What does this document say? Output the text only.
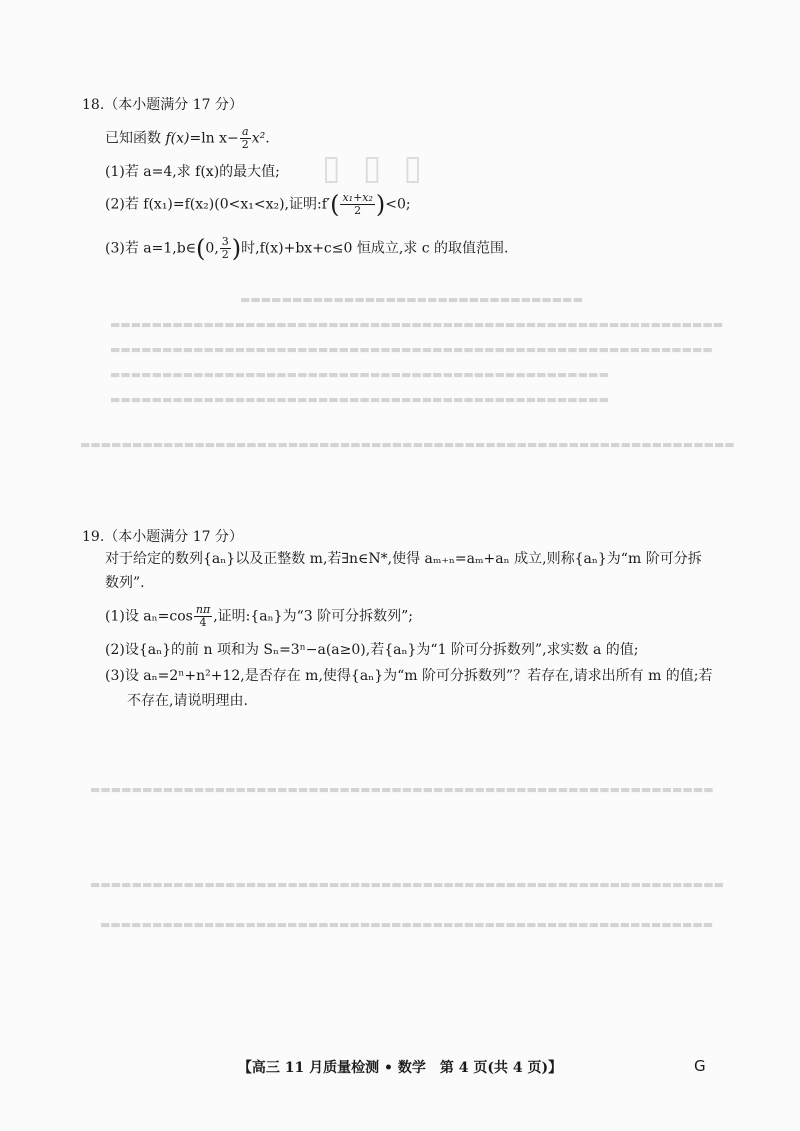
▯▯▯
▬▬▬▬▬▬▬▬▬▬▬▬▬▬▬▬▬▬▬▬▬▬▬▬▬▬▬▬▬▬▬▬▬
▬▬▬▬▬▬▬▬▬▬▬▬▬▬▬▬▬▬▬▬▬▬▬▬▬▬▬▬▬▬▬▬▬▬▬▬▬▬▬▬▬▬▬▬▬▬▬▬▬▬▬▬▬▬▬▬▬▬▬
▬▬▬▬▬▬▬▬▬▬▬▬▬▬▬▬▬▬▬▬▬▬▬▬▬▬▬▬▬▬▬▬▬▬▬▬▬▬▬▬▬▬▬▬▬▬▬▬▬▬▬▬▬▬▬▬▬▬
▬▬▬▬▬▬▬▬▬▬▬▬▬▬▬▬▬▬▬▬▬▬▬▬▬▬▬▬▬▬▬▬▬▬▬▬▬▬▬▬▬▬▬▬▬▬▬▬
▬▬▬▬▬▬▬▬▬▬▬▬▬▬▬▬▬▬▬▬▬▬▬▬▬▬▬▬▬▬▬▬▬▬▬▬▬▬▬▬▬▬▬▬▬▬▬▬
▬▬▬▬▬▬▬▬▬▬▬▬▬▬▬▬▬▬▬▬▬▬▬▬▬▬▬▬▬▬▬▬▬▬▬▬▬▬▬▬▬▬▬▬▬▬▬▬▬▬▬▬▬▬▬▬▬▬▬▬▬▬▬
▬▬▬▬▬▬▬▬▬▬▬▬▬▬▬▬▬▬▬▬▬▬▬▬▬▬▬▬▬▬▬▬▬▬▬▬▬▬▬▬▬▬▬▬▬▬▬▬▬▬▬▬▬▬▬▬▬▬▬▬
▬▬▬▬▬▬▬▬▬▬▬▬▬▬▬▬▬▬▬▬▬▬▬▬▬▬▬▬▬▬▬▬▬▬▬▬▬▬▬▬▬▬▬▬▬▬▬▬▬▬▬▬▬▬▬▬▬▬▬▬▬
▬▬▬▬▬▬▬▬▬▬▬▬▬▬▬▬▬▬▬▬▬▬▬▬▬▬▬▬▬▬▬▬▬▬▬▬▬▬▬▬▬▬▬▬▬▬▬▬▬▬▬▬▬▬▬▬▬▬▬
18.（本小题满分 17 分）
已知函数 f(x)=ln $x- \frac{a}{2} x^2$.
(1)若 a=4,求 f(x)的最大值;
(2)若 f(x₁)=f(x₂)(0<x₁<x₂),证明:f′( $\frac{\text{x₁+x₂}}{2} )<0$;
(3)若 a=1,b∈(0, $\frac{3}{2}$ )时,f(x)+bx+c≤0 恒成立,求 c 的取值范围.
19.（本小题满分 17 分）
对于给定的数列{aₙ}以及正整数 m,若∃n∈N*,使得 aₘ₊ₙ=aₘ+aₙ 成立,则称{aₙ}为“m 阶可分拆
数列”.
(1)设 $a_n=\cos \frac{n\pi}{4}$ ,证明:{aₙ}为“3 阶可分拆数列”;
(2)设{aₙ}的前 n 项和为 Sₙ=3ⁿ−a(a≥0),若{aₙ}为“1 阶可分拆数列”,求实数 a 的值;
(3)设 aₙ=2ⁿ+n²+12,是否存在 m,使得{aₙ}为“m 阶可分拆数列”？若存在,请求出所有 m 的值;若
不存在,请说明理由.
【高三 11 月质量检测 • 数学　第 4 页(共 4 页)】	G
